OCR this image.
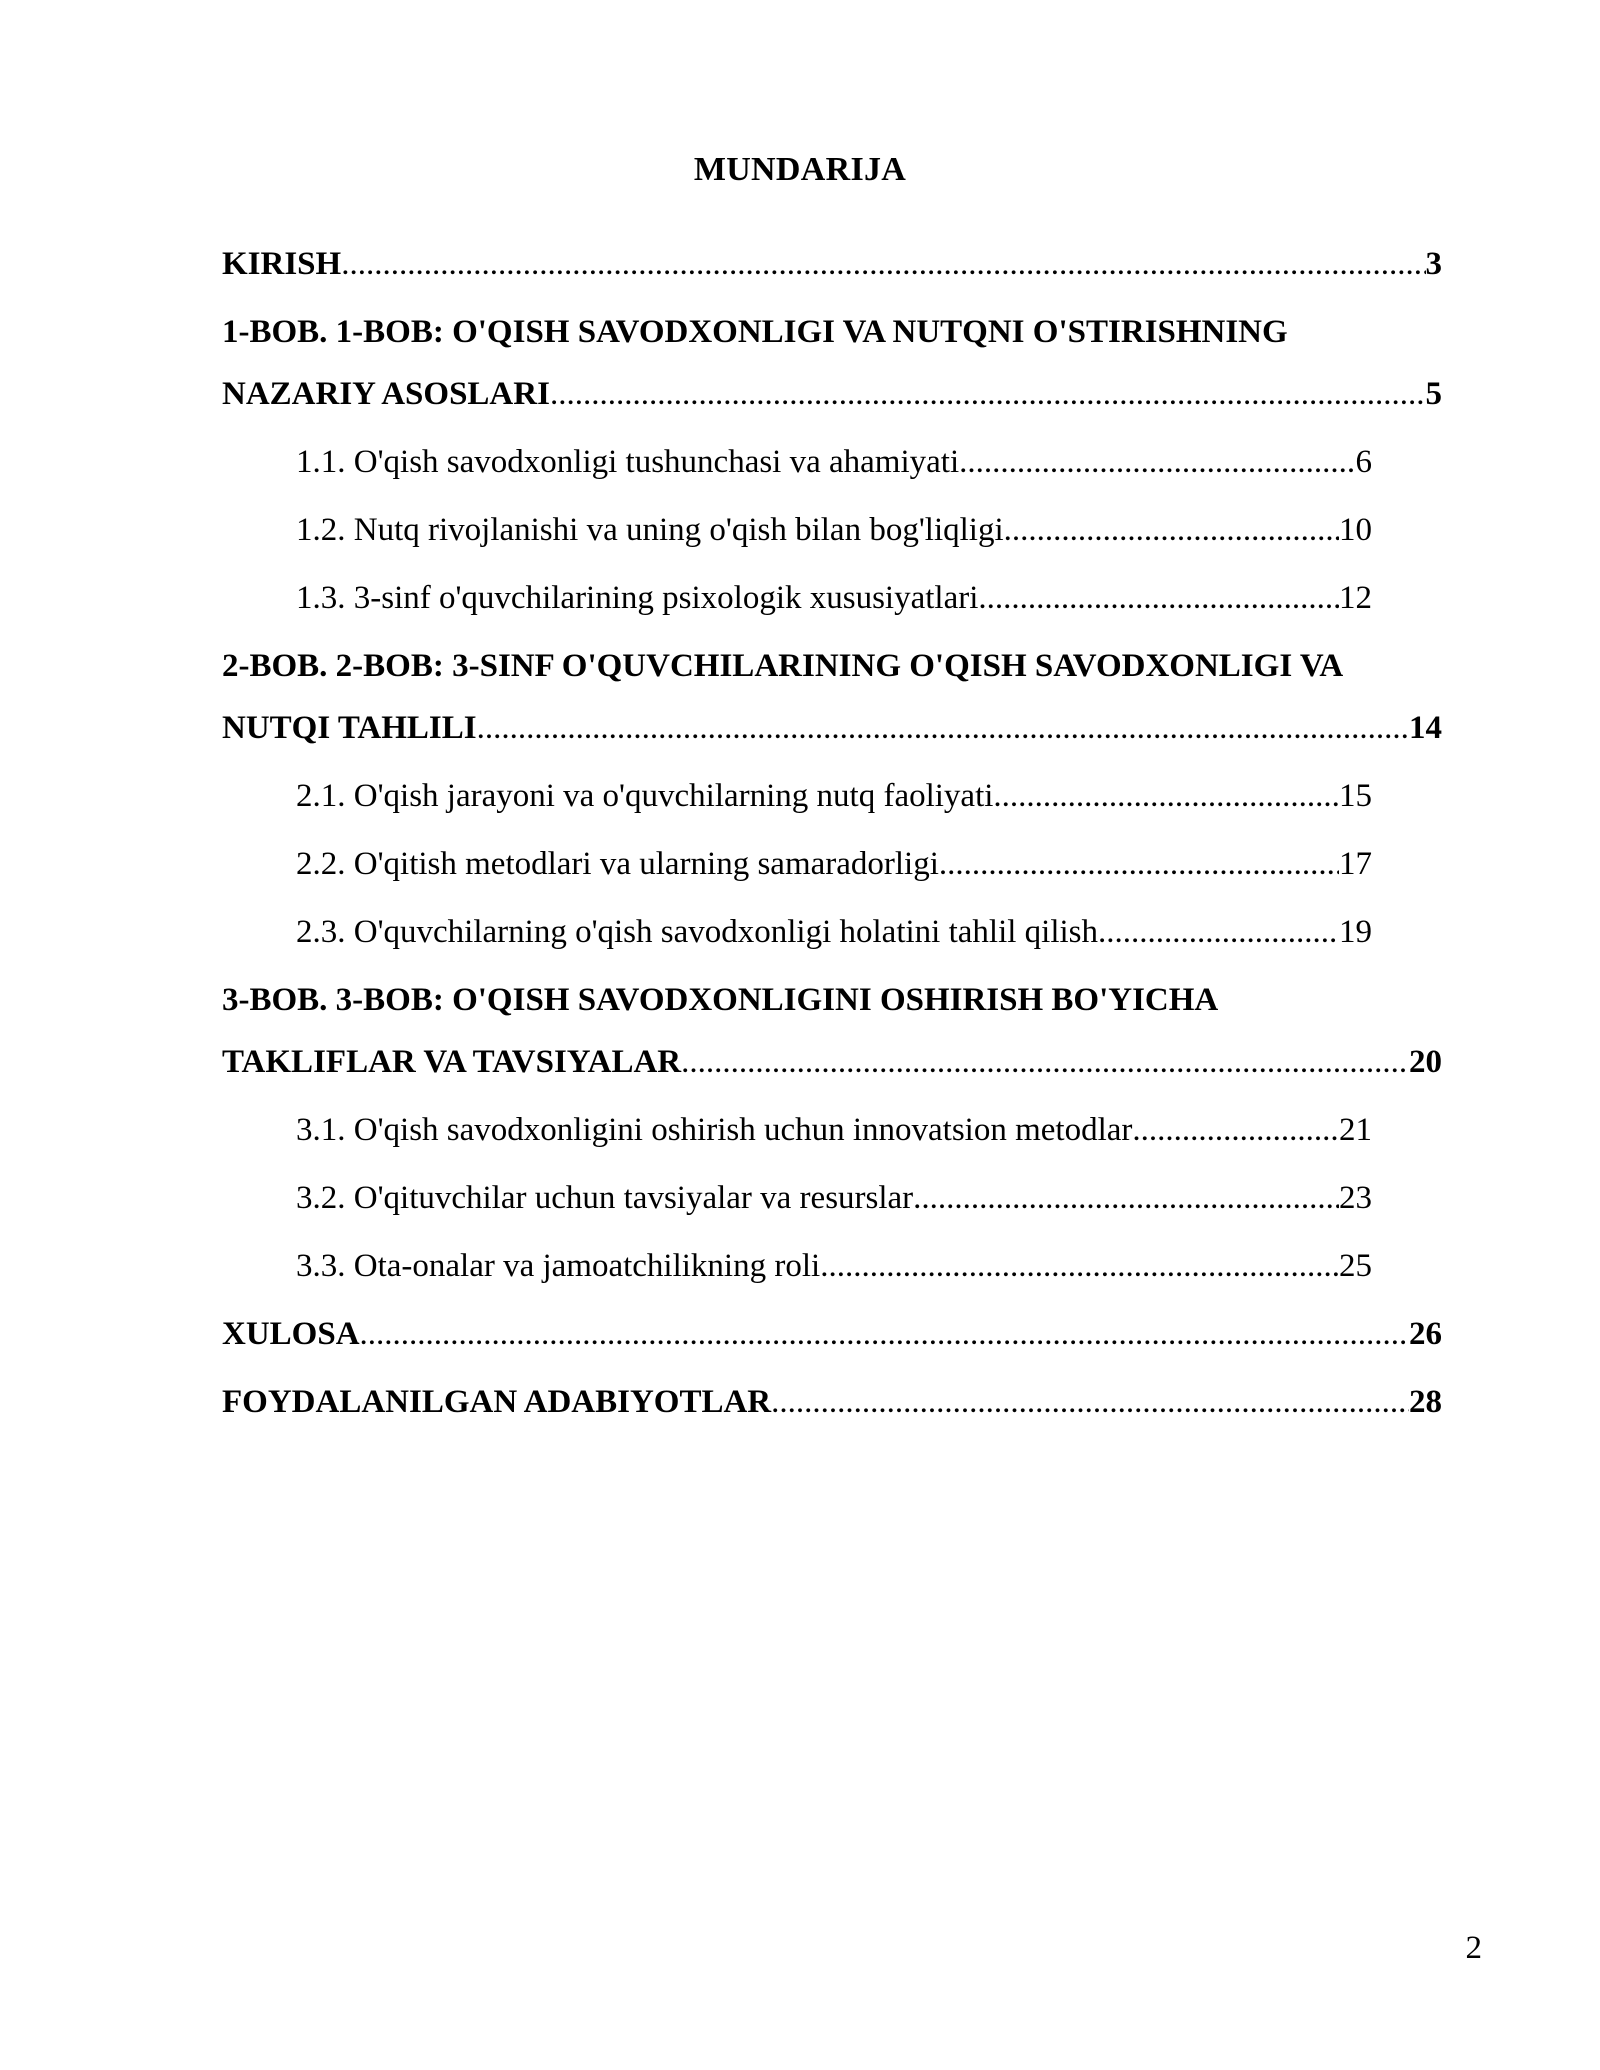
MUNDARIJA
KIRISH .....	3
1-BOB. 1-BOB: O'QISH SAVODXONLIGI VA NUTQNI O'STIRISHNING
NAZARIY ASOSLARI .....	5
1.1. O'qish savodxonligi tushunchasi va ahamiyati .....	6
1.2. Nutq rivojlanishi va uning o'qish bilan bog'liqligi .....	10
1.3. 3-sinf o'quvchilarining psixologik xususiyatlari .....	12
2-BOB. 2-BOB: 3-SINF O'QUVCHILARINING O'QISH SAVODXONLIGI VA
NUTQI TAHLILI .....	14
2.1. O'qish jarayoni va o'quvchilarning nutq faoliyati .....	15
2.2. O'qitish metodlari va ularning samaradorligi .....	17
2.3. O'quvchilarning o'qish savodxonligi holatini tahlil qilish .....	19
3-BOB. 3-BOB: O'QISH SAVODXONLIGINI OSHIRISH BO'YICHA
TAKLIFLAR VA TAVSIYALAR .....	20
3.1. O'qish savodxonligini oshirish uchun innovatsion metodlar .....	21
3.2. O'qituvchilar uchun tavsiyalar va resurslar .....	23
3.3. Ota-onalar va jamoatchilikning roli .....	25
XULOSA .....	26
FOYDALANILGAN ADABIYOTLAR .....	28
2
